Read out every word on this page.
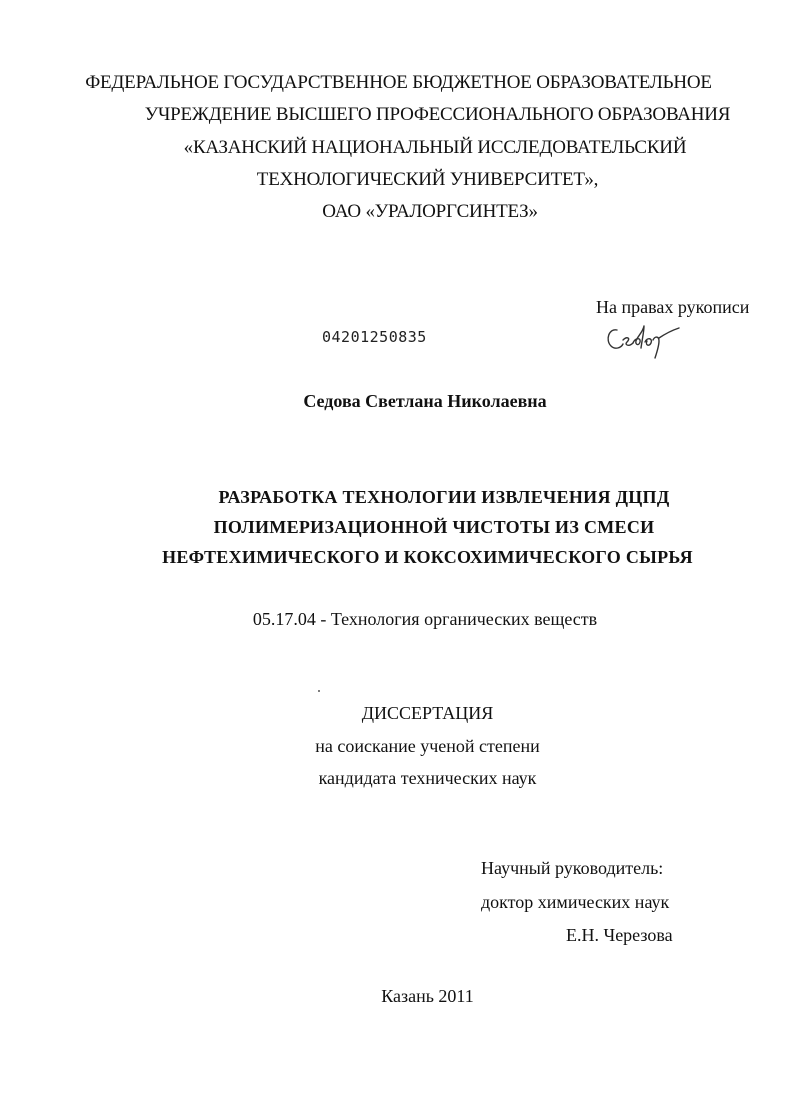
ФЕДЕРАЛЬНОЕ ГОСУДАРСТВЕННОЕ БЮДЖЕТНОЕ ОБРАЗОВАТЕЛЬНОЕ
УЧРЕЖДЕНИЕ ВЫСШЕГО ПРОФЕССИОНАЛЬНОГО ОБРАЗОВАНИЯ
«КАЗАНСКИЙ НАЦИОНАЛЬНЫЙ ИССЛЕДОВАТЕЛЬСКИЙ
ТЕХНОЛОГИЧЕСКИЙ УНИВЕРСИТЕТ»,
ОАО «УРАЛОРГСИНТЕЗ»
На правах рукописи
04201250835
Седова Светлана Николаевна
РАЗРАБОТКА ТЕХНОЛОГИИ ИЗВЛЕЧЕНИЯ ДЦПД
ПОЛИМЕРИЗАЦИОННОЙ ЧИСТОТЫ ИЗ СМЕСИ
НЕФТЕХИМИЧЕСКОГО И КОКСОХИМИЧЕСКОГО СЫРЬЯ
05.17.04 - Технология органических веществ
ДИССЕРТАЦИЯ
на соискание ученой степени
кандидата технических наук
Научный руководитель:
доктор химических наук
Е.Н. Черезова
Казань 2011
